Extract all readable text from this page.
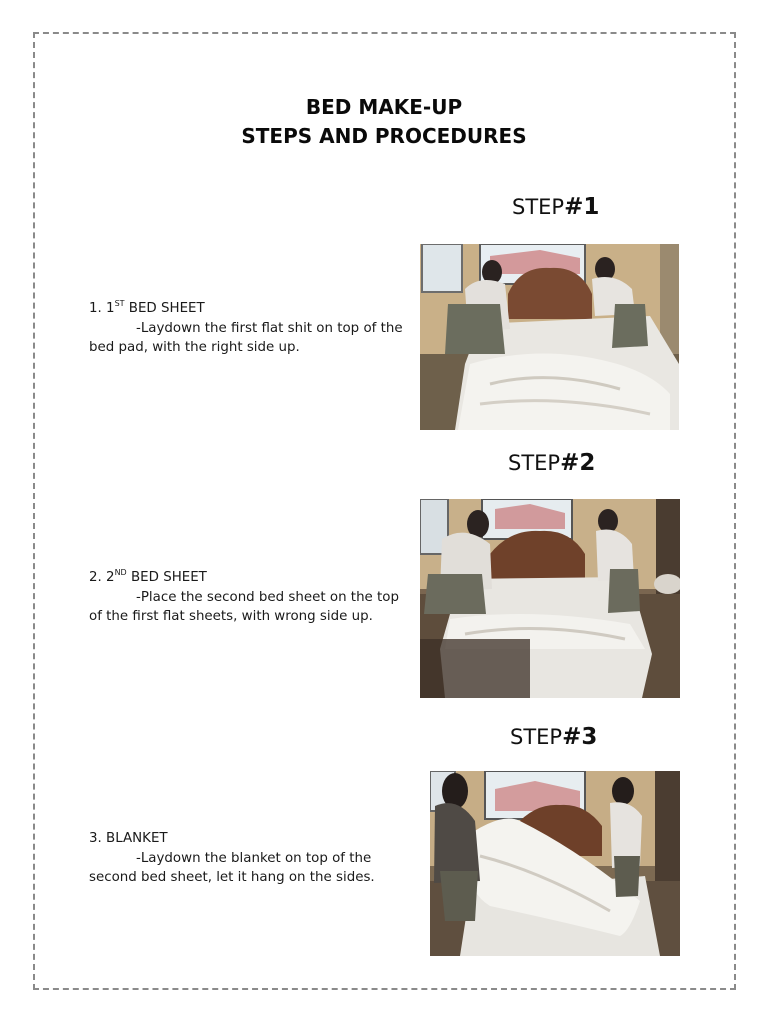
BED MAKE-UP
STEPS AND PROCEDURES
STEP#1
1. 1ST BED SHEET
-Laydown the first flat shit on top of the
bed pad, with the right side up.
STEP#2
2. 2ND BED SHEET
-Place the second bed sheet on the top
of the first flat sheets, with wrong side up.
STEP#3
3. BLANKET
-Laydown the blanket on top of the
second bed sheet, let it hang on the sides.
